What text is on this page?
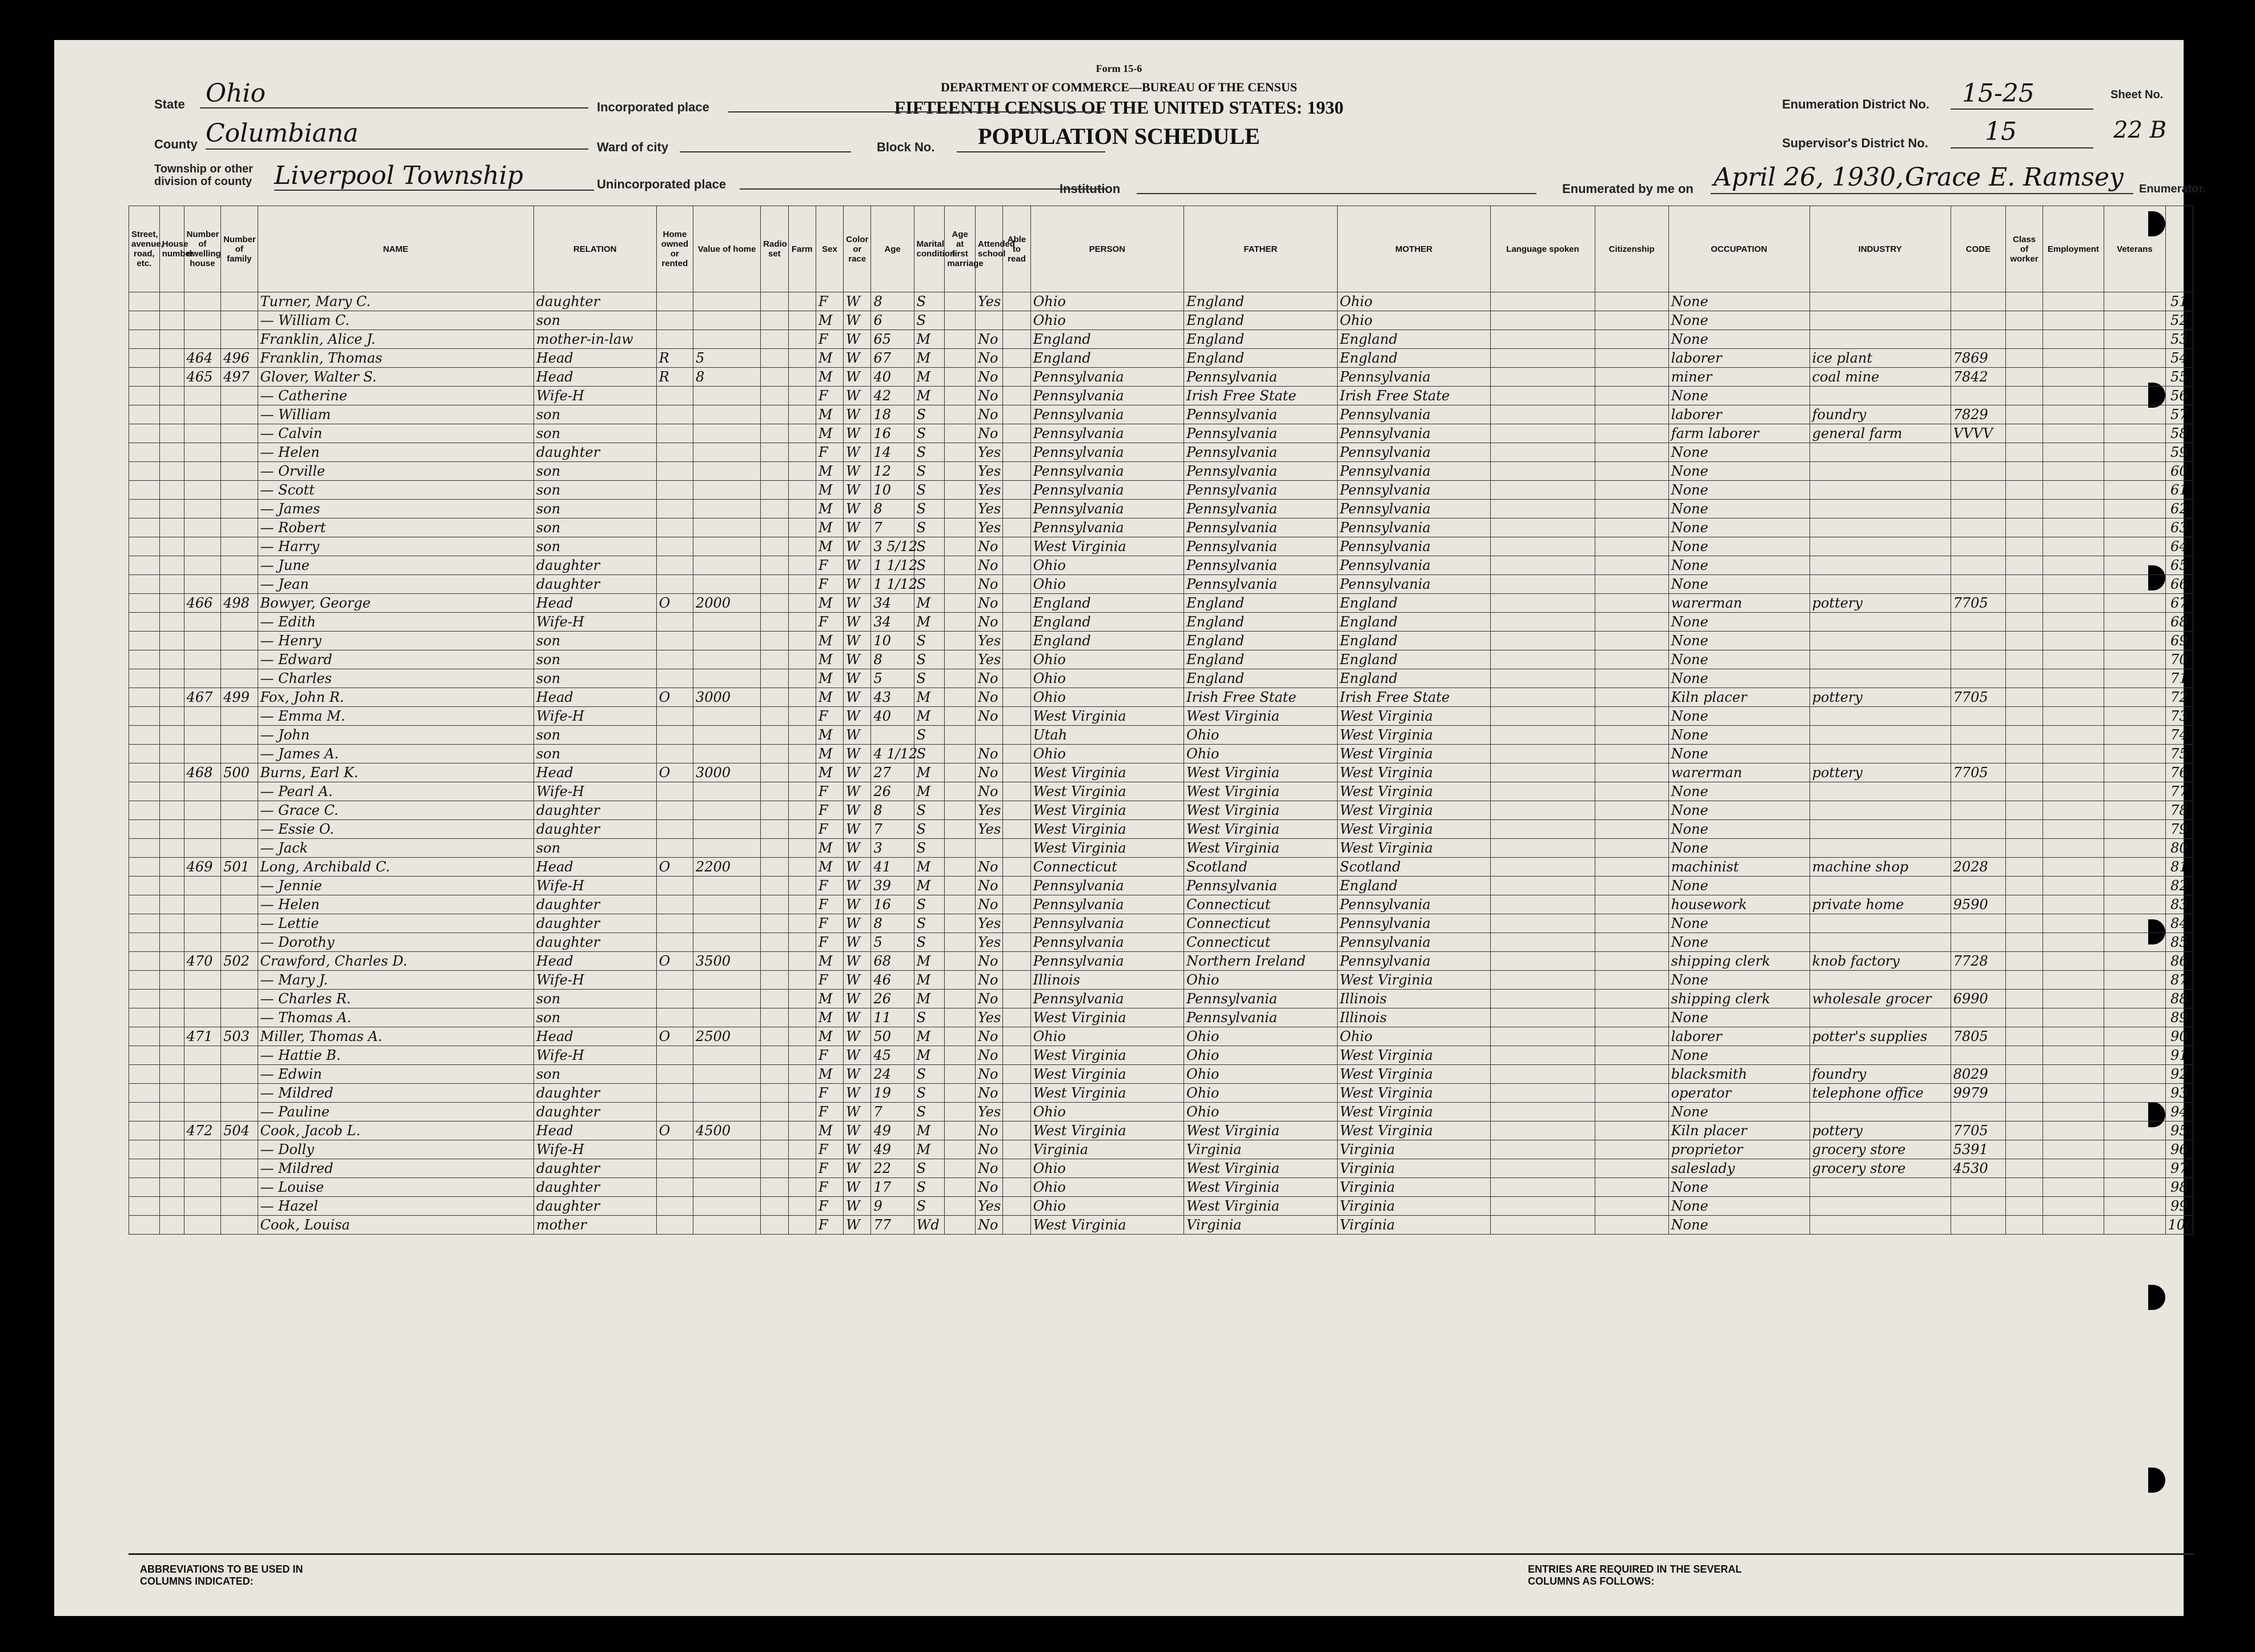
Form 15-6
DEPARTMENT OF COMMERCE—BUREAU OF THE CENSUS
FIFTEENTH CENSUS OF THE UNITED STATES: 1930
POPULATION SCHEDULE
State Ohio
County Columbiana
Township or other division of county Liverpool Township
Incorporated place
Ward of city	Block No.
Unincorporated place	Institution
Enumeration District No. 15-25
Supervisor's District No. 15
Sheet No.
22 B
Enumerated by me on April 26, 1930, Grace E. Ramsey Enumerator.
Street, avenue, road, etc.	House number	Number of dwelling house	Number of family	NAME	RELATION	Home owned or rented	Value of home	Radio set	Farm	Sex	Color or race	Age	Marital condition	Age at first marriage	Attended school	Able to read	PERSON	FATHER	MOTHER	Language spoken	Citizenship	OCCUPATION	INDUSTRY	CODE	Class of worker	Employment	Veterans	
				Turner, Mary C.	daughter					F	W	8	S		Yes		Ohio	England	Ohio			None						51
				— William C.	son					M	W	6	S				Ohio	England	Ohio			None						52
				Franklin, Alice J.	mother-in-law					F	W	65	M		No		England	England	England			None						53
		464	496	Franklin, Thomas	Head	R	5			M	W	67	M		No		England	England	England			laborer	ice plant	7869				54
		465	497	Glover, Walter S.	Head	R	8			M	W	40	M		No		Pennsylvania	Pennsylvania	Pennsylvania			miner	coal mine	7842				55
				— Catherine	Wife-H					F	W	42	M		No		Pennsylvania	Irish Free State	Irish Free State			None						56
				— William	son					M	W	18	S		No		Pennsylvania	Pennsylvania	Pennsylvania			laborer	foundry	7829				57
				— Calvin	son					M	W	16	S		No		Pennsylvania	Pennsylvania	Pennsylvania			farm laborer	general farm	VVVV				58
				— Helen	daughter					F	W	14	S		Yes		Pennsylvania	Pennsylvania	Pennsylvania			None						59
				— Orville	son					M	W	12	S		Yes		Pennsylvania	Pennsylvania	Pennsylvania			None						60
				— Scott	son					M	W	10	S		Yes		Pennsylvania	Pennsylvania	Pennsylvania			None						61
				— James	son					M	W	8	S		Yes		Pennsylvania	Pennsylvania	Pennsylvania			None						62
				— Robert	son					M	W	7	S		Yes		Pennsylvania	Pennsylvania	Pennsylvania			None						63
				— Harry	son					M	W	3 5/12	S		No		West Virginia	Pennsylvania	Pennsylvania			None						64
				— June	daughter					F	W	1 1/12	S		No		Ohio	Pennsylvania	Pennsylvania			None						65
				— Jean	daughter					F	W	1 1/12	S		No		Ohio	Pennsylvania	Pennsylvania			None						66
		466	498	Bowyer, George	Head	O	2000			M	W	34	M		No		England	England	England			warerman	pottery	7705				67
				— Edith	Wife-H					F	W	34	M		No		England	England	England			None						68
				— Henry	son					M	W	10	S		Yes		England	England	England			None						69
				— Edward	son					M	W	8	S		Yes		Ohio	England	England			None						70
				— Charles	son					M	W	5	S		No		Ohio	England	England			None						71
		467	499	Fox, John R.	Head	O	3000			M	W	43	M		No		Ohio	Irish Free State	Irish Free State			Kiln placer	pottery	7705				72
				— Emma M.	Wife-H					F	W	40	M		No		West Virginia	West Virginia	West Virginia			None						73
				— John	son					M	W		S				Utah	Ohio	West Virginia			None						74
				— James A.	son					M	W	4 1/12	S		No		Ohio	Ohio	West Virginia			None						75
		468	500	Burns, Earl K.	Head	O	3000			M	W	27	M		No		West Virginia	West Virginia	West Virginia			warerman	pottery	7705				76
				— Pearl A.	Wife-H					F	W	26	M		No		West Virginia	West Virginia	West Virginia			None						77
				— Grace C.	daughter					F	W	8	S		Yes		West Virginia	West Virginia	West Virginia			None						78
				— Essie O.	daughter					F	W	7	S		Yes		West Virginia	West Virginia	West Virginia			None						79
				— Jack	son					M	W	3	S				West Virginia	West Virginia	West Virginia			None						80
		469	501	Long, Archibald C.	Head	O	2200			M	W	41	M		No		Connecticut	Scotland	Scotland			machinist	machine shop	2028				81
				— Jennie	Wife-H					F	W	39	M		No		Pennsylvania	Pennsylvania	England			None						82
				— Helen	daughter					F	W	16	S		No		Pennsylvania	Connecticut	Pennsylvania			housework	private home	9590				83
				— Lettie	daughter					F	W	8	S		Yes		Pennsylvania	Connecticut	Pennsylvania			None						84
				— Dorothy	daughter					F	W	5	S		Yes		Pennsylvania	Connecticut	Pennsylvania			None						85
		470	502	Crawford, Charles D.	Head	O	3500			M	W	68	M		No		Pennsylvania	Northern Ireland	Pennsylvania			shipping clerk	knob factory	7728				86
				— Mary J.	Wife-H					F	W	46	M		No		Illinois	Ohio	West Virginia			None						87
				— Charles R.	son					M	W	26	M		No		Pennsylvania	Pennsylvania	Illinois			shipping clerk	wholesale grocer	6990				88
				— Thomas A.	son					M	W	11	S		Yes		West Virginia	Pennsylvania	Illinois			None						89
		471	503	Miller, Thomas A.	Head	O	2500			M	W	50	M		No		Ohio	Ohio	Ohio			laborer	potter's supplies	7805				90
				— Hattie B.	Wife-H					F	W	45	M		No		West Virginia	Ohio	West Virginia			None						91
				— Edwin	son					M	W	24	S		No		West Virginia	Ohio	West Virginia			blacksmith	foundry	8029				92
				— Mildred	daughter					F	W	19	S		No		West Virginia	Ohio	West Virginia			operator	telephone office	9979				93
				— Pauline	daughter					F	W	7	S		Yes		Ohio	Ohio	West Virginia			None						94
		472	504	Cook, Jacob L.	Head	O	4500			M	W	49	M		No		West Virginia	West Virginia	West Virginia			Kiln placer	pottery	7705				95
				— Dolly	Wife-H					F	W	49	M		No		Virginia	Virginia	Virginia			proprietor	grocery store	5391				96
				— Mildred	daughter					F	W	22	S		No		Ohio	West Virginia	Virginia			saleslady	grocery store	4530				97
				— Louise	daughter					F	W	17	S		No		Ohio	West Virginia	Virginia			None						98
				— Hazel	daughter					F	W	9	S		Yes		Ohio	West Virginia	Virginia			None						99
				Cook, Louisa	mother					F	W	77	Wd		No		West Virginia	Virginia	Virginia			None						100
ABBREVIATIONS TO BE USED IN COLUMNS INDICATED:
ENTRIES ARE REQUIRED IN THE SEVERAL COLUMNS AS FOLLOWS:
